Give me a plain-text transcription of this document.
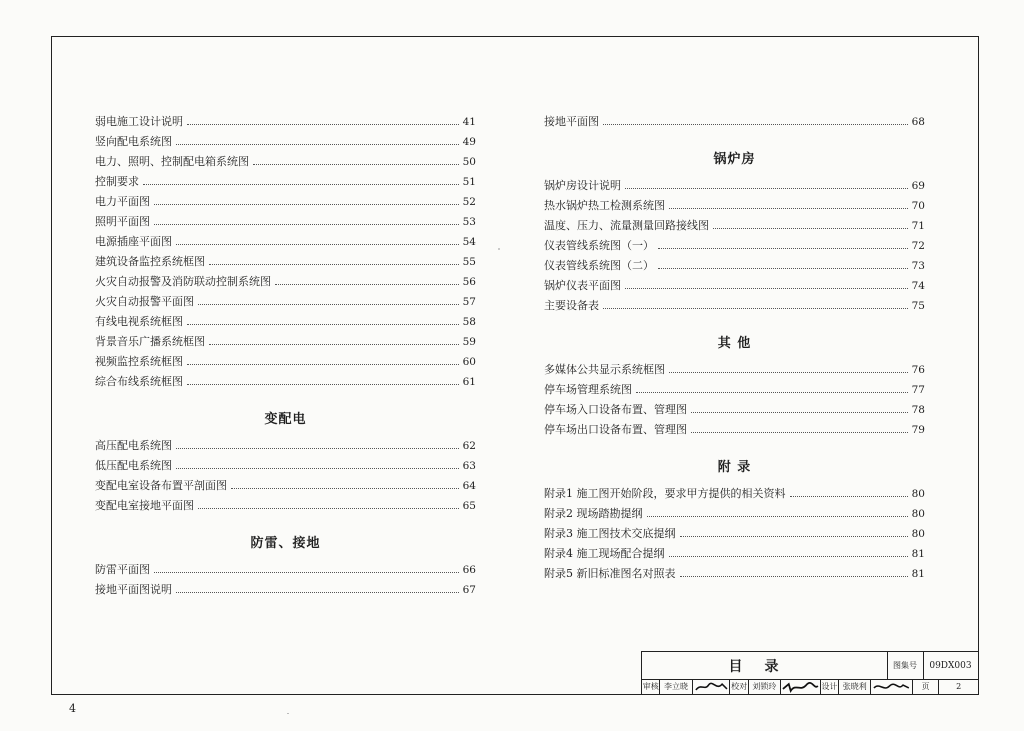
弱电施工设计说明	41
竖向配电系统图	49
电力、照明、控制配电箱系统图	50
控制要求	51
电力平面图	52
照明平面图	53
电源插座平面图	54
建筑设备监控系统框图	55
火灾自动报警及消防联动控制系统图	56
火灾自动报警平面图	57
有线电视系统框图	58
背景音乐广播系统框图	59
视频监控系统框图	60
综合布线系统框图	61
变配电
高压配电系统图	62
低压配电系统图	63
变配电室设备布置平剖面图	64
变配电室接地平面图	65
防雷、接地
防雷平面图	66
接地平面图说明	67
接地平面图	68
锅炉房
锅炉房设计说明	69
热水锅炉热工检测系统图	70
温度、压力、流量测量回路接线图	71
仪表管线系统图（一）	72
仪表管线系统图（二）	73
锅炉仪表平面图	74
主要设备表	75
其 他
多媒体公共显示系统框图	76
停车场管理系统图	77
停车场入口设备布置、管理图	78
停车场出口设备布置、管理图	79
附 录
附录1 施工图开始阶段，要求甲方提供的相关资料	80
附录2 现场踏勘提纲	80
附录3 施工图技术交底提纲	80
附录4 施工现场配合提纲	81
附录5 新旧标准图名对照表	81
目录	图集号	09DX003
审核 李立晓	校对 刘锁玲	设计 张晓利	页	2
4
